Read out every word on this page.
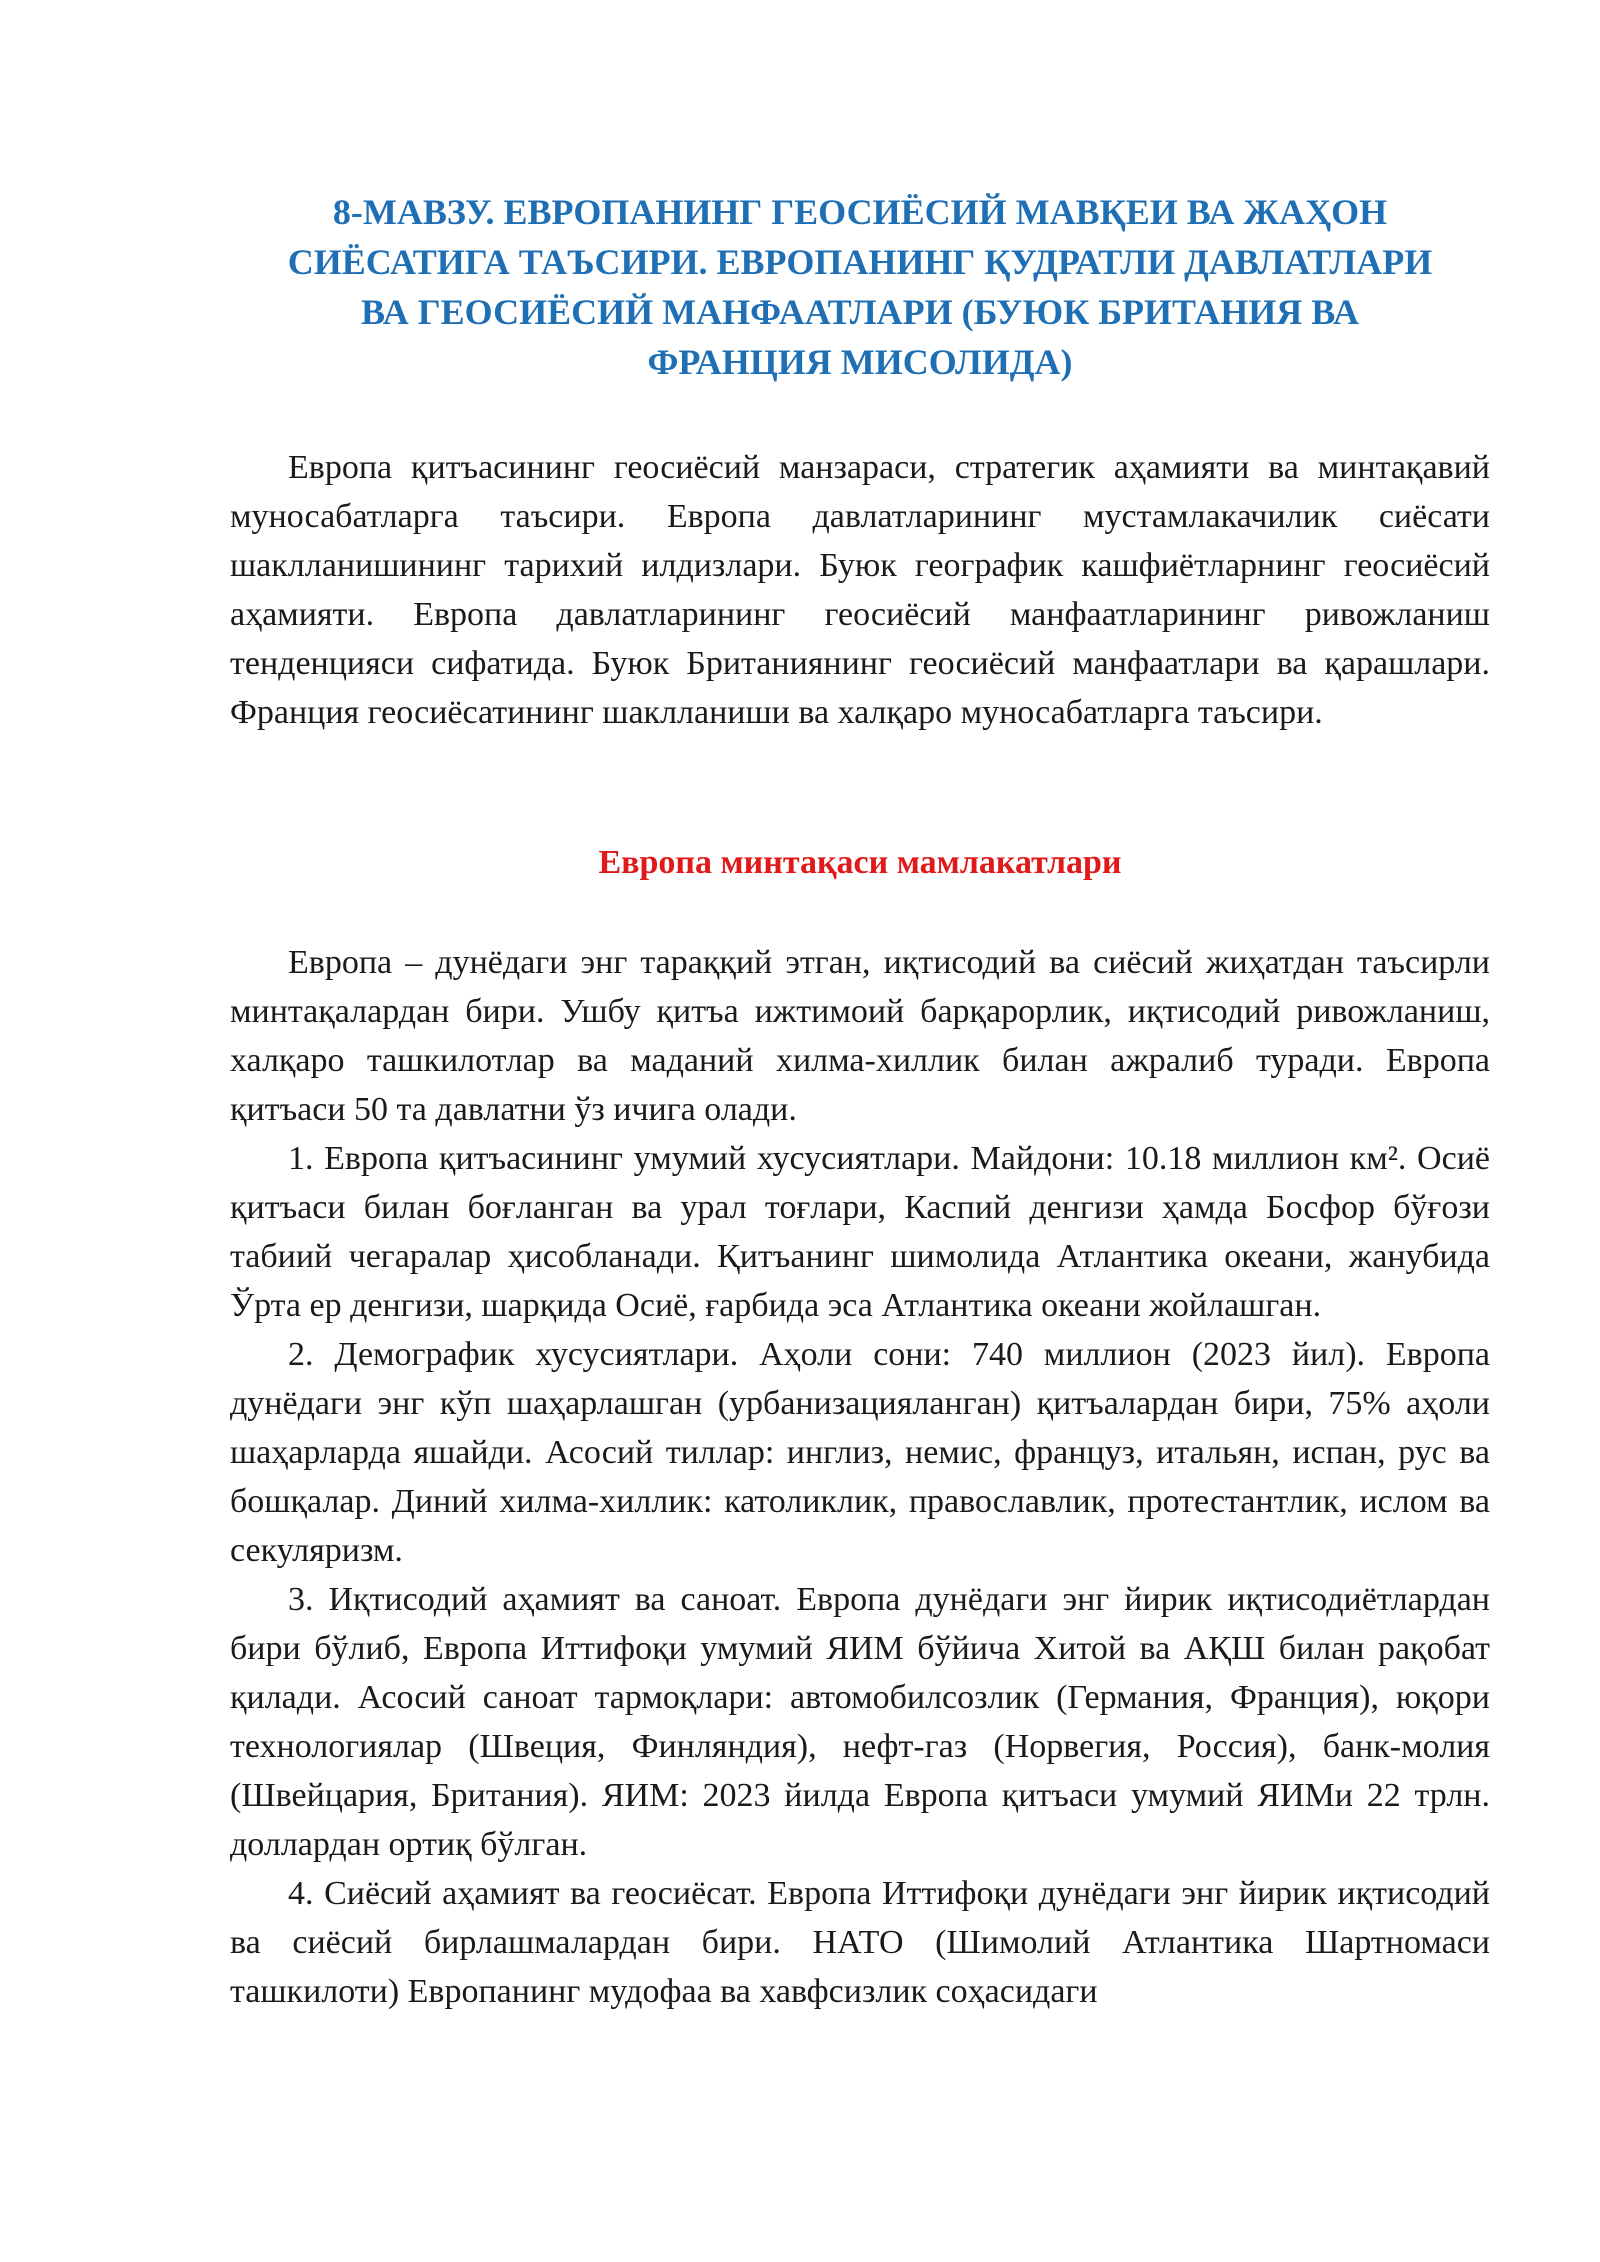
8-МАВЗУ. ЕВРОПАНИНГ ГЕОСИЁСИЙ МАВҚЕИ ВА ЖАҲОН
СИЁСАТИГА ТАЪСИРИ. ЕВРОПАНИНГ ҚУДРАТЛИ ДАВЛАТЛАРИ
ВА ГЕОСИЁСИЙ МАНФААТЛАРИ (БУЮК БРИТАНИЯ ВА
ФРАНЦИЯ МИСОЛИДА)

Европа қитъасининг геосиёсий манзараси, стратегик аҳамияти ва минтақавий муносабатларга таъсири. Европа давлатларининг мустамлакачилик сиёсати шаклланишининг тарихий илдизлари. Буюк географик кашфиётларнинг геосиёсий аҳамияти. Европа давлатларининг геосиёсий манфаатларининг ривожланиш тенденцияси сифатида. Буюк Британиянинг геосиёсий манфаатлари ва қарашлари. Франция геосиёсатининг шаклланиши ва халқаро муносабатларга таъсири.

Европа минтақаси мамлакатлари

Европа – дунёдаги энг тараққий этган, иқтисодий ва сиёсий жиҳатдан таъсирли минтақалардан бири. Ушбу қитъа ижтимоий барқарорлик, иқтисодий ривожланиш, халқаро ташкилотлар ва маданий хилма-хиллик билан ажралиб туради. Европа қитъаси 50 та давлатни ўз ичига олади.

1. Европа қитъасининг умумий хусусиятлари. Майдони: 10.18 миллион км². Осиё қитъаси билан боғланган ва урал тоғлари, Каспий денгизи ҳамда Босфор бўғози табиий чегаралар ҳисобланади. Қитъанинг шимолида Атлантика океани, жанубида Ўрта ер денгизи, шарқида Осиё, ғарбида эса Атлантика океани жойлашган.

2. Демографик хусусиятлари. Аҳоли сони: 740 миллион (2023 йил). Европа дунёдаги энг кўп шаҳарлашган (урбанизацияланган) қитъалардан бири, 75% аҳоли шаҳарларда яшайди. Асосий тиллар: инглиз, немис, француз, итальян, испан, рус ва бошқалар. Диний хилма-хиллик: католиклик, православлик, протестантлик, ислом ва секуляризм.

3. Иқтисодий аҳамият ва саноат. Европа дунёдаги энг йирик иқтисодиётлардан бири бўлиб, Европа Иттифоқи умумий ЯИМ бўйича Хитой ва АҚШ билан рақобат қилади. Асосий саноат тармоқлари: автомобилсозлик (Германия, Франция), юқори технологиялар (Швеция, Финляндия), нефт-газ (Норвегия, Россия), банк-молия (Швейцария, Британия). ЯИМ: 2023 йилда Европа қитъаси умумий ЯИМи 22 трлн. доллардан ортиқ бўлган.

4. Сиёсий аҳамият ва геосиёсат. Европа Иттифоқи дунёдаги энг йирик иқтисодий ва сиёсий бирлашмалардан бири. НАТО (Шимолий Атлантика Шартномаси ташкилоти) Европанинг мудофаа ва хавфсизлик соҳасидаги
